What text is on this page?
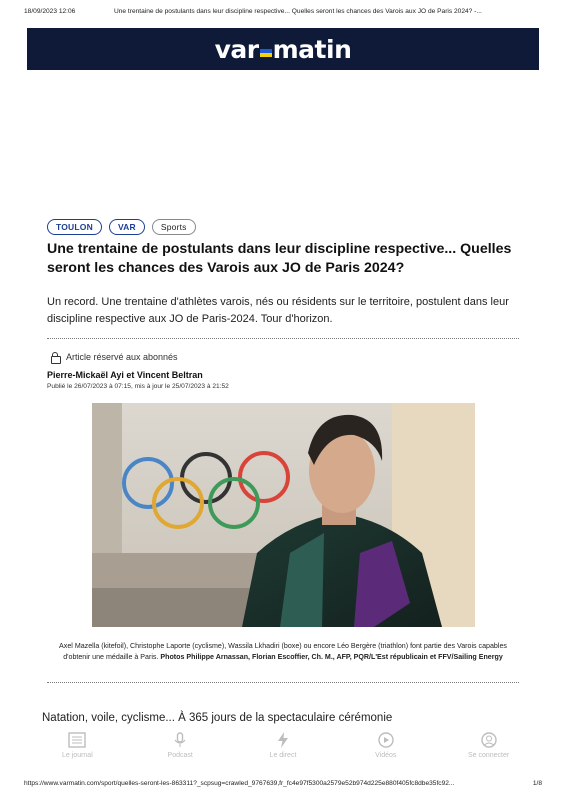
18/09/2023 12:06	Une trentaine de postulants dans leur discipline respective... Quelles seront les chances des Varois aux JO de Paris 2024? -...
var matin
TOULON	VAR	Sports
Une trentaine de postulants dans leur discipline respective... Quelles seront les chances des Varois aux JO de Paris 2024?

Un record. Une trentaine d'athlètes varois, nés ou résidents sur le territoire, postulent dans leur discipline respective aux JO de Paris-2024. Tour d'horizon.

Article réservé aux abonnés
Pierre-Mickaël Ayi et Vincent Beltran
Publié le 26/07/2023 à 07:15, mis à jour le 25/07/2023 à 21:52
Axel Mazella (kitefoil), Christophe Laporte (cyclisme), Wassila Lkhadiri (boxe) ou encore Léo Bergère (triathlon) font partie des Varois capables d'obtenir une médaille à Paris. Photos Philippe Arnassan, Florian Escoffier, Ch. M., AFP, PQR/L'Est républicain et FFV/Sailing Energy

Natation, voile, cyclisme... À 365 jours de la spectaculaire cérémonie

Le journal	Podcast	Le direct	Vidéos	Se connecter
https://www.varmatin.com/sport/quelles-seront-les-863311?_scpsug=crawled_9767639,fr_fc4e97f5300a2579e52b974d225e880f405fc8dbe35fc92...	1/8
